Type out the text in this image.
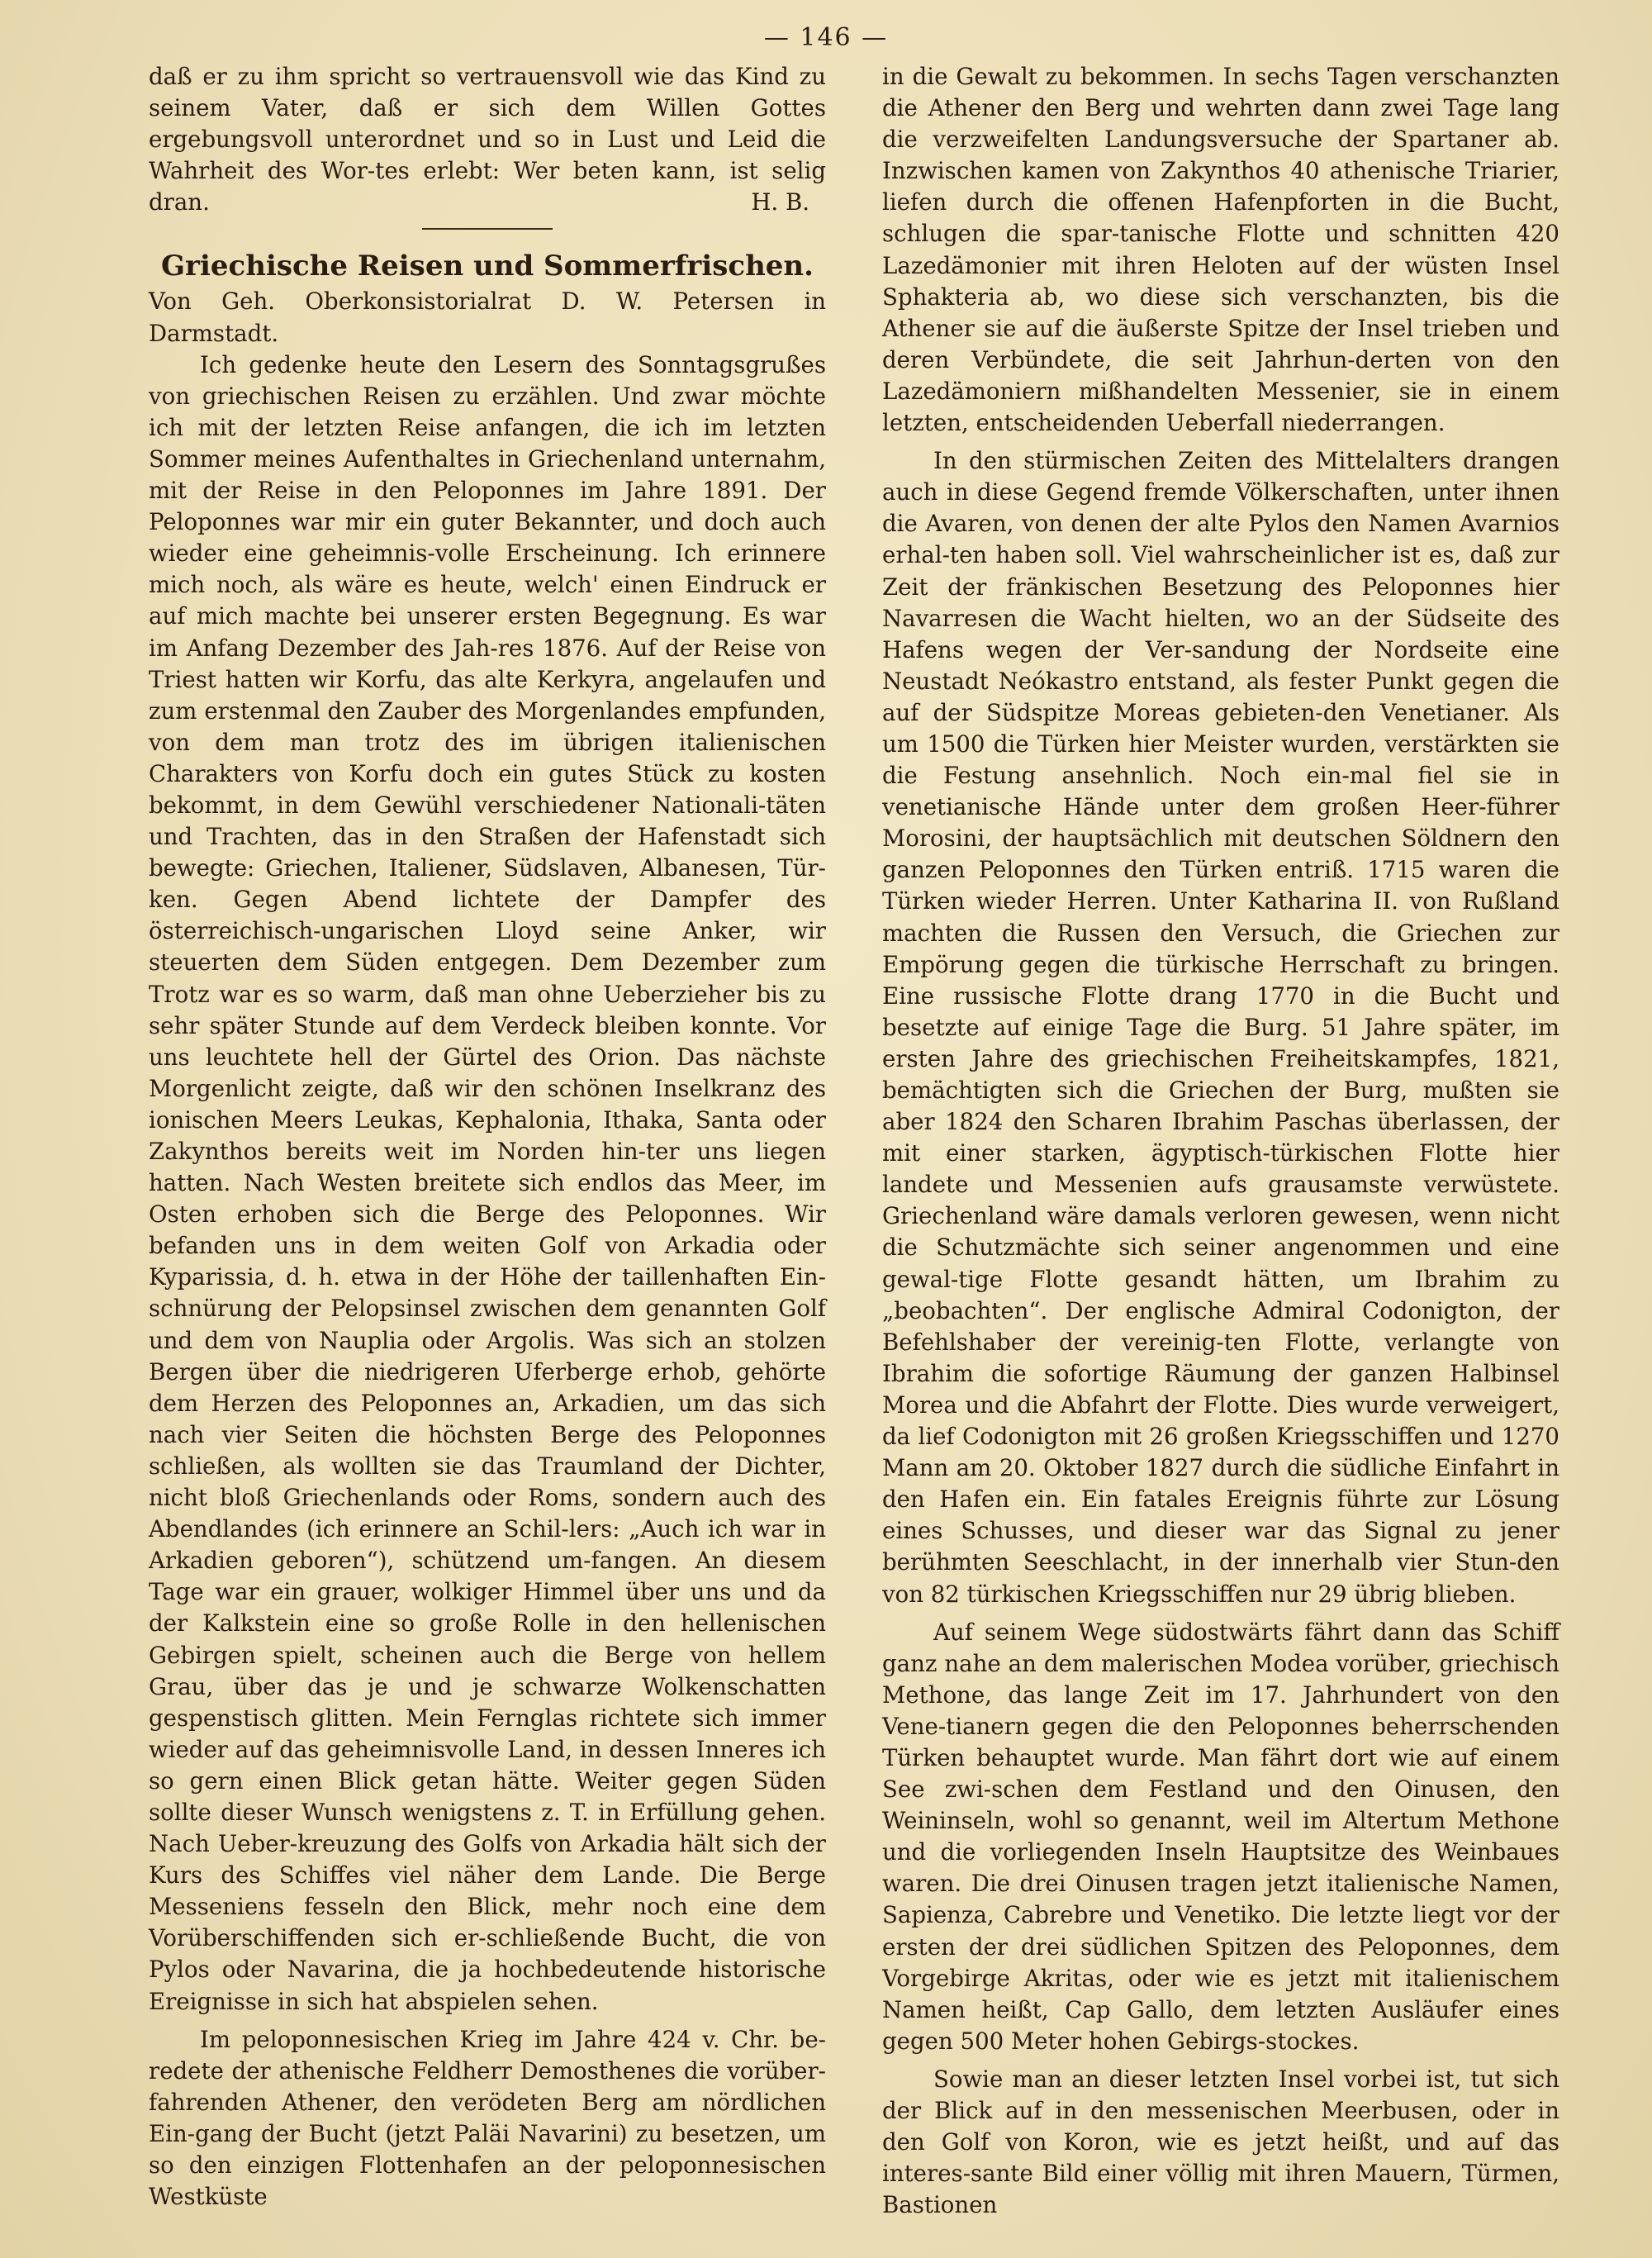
— 146 —

daß er zu ihm spricht so vertrauensvoll wie das Kind zu seinem Vater, daß er sich dem Willen Gottes ergebungsvoll unterordnet und so in Lust und Leid die Wahrheit des Wor-tes erlebt: Wer beten kann, ist selig dran.	H. B.

Griechische Reisen und Sommerfrischen.

Von Geh. Oberkonsistorialrat D. W. Petersen in Darmstadt.

Ich gedenke heute den Lesern des Sonntagsgrußes von griechischen Reisen zu erzählen. Und zwar möchte ich mit der letzten Reise anfangen, die ich im letzten Sommer meines Aufenthaltes in Griechenland unternahm, mit der Reise in den Peloponnes im Jahre 1891. Der Peloponnes war mir ein guter Bekannter, und doch auch wieder eine geheimnis-volle Erscheinung. Ich erinnere mich noch, als wäre es heute, welch' einen Eindruck er auf mich machte bei unserer ersten Begegnung. Es war im Anfang Dezember des Jah-res 1876. Auf der Reise von Triest hatten wir Korfu, das alte Kerkyra, angelaufen und zum erstenmal den Zauber des Morgenlandes empfunden, von dem man trotz des im übrigen italienischen Charakters von Korfu doch ein gutes Stück zu kosten bekommt, in dem Gewühl verschiedener Nationali-täten und Trachten, das in den Straßen der Hafenstadt sich bewegte: Griechen, Italiener, Südslaven, Albanesen, Tür-ken. Gegen Abend lichtete der Dampfer des österreichisch-ungarischen Lloyd seine Anker, wir steuerten dem Süden entgegen. Dem Dezember zum Trotz war es so warm, daß man ohne Ueberzieher bis zu sehr später Stunde auf dem Verdeck bleiben konnte. Vor uns leuchtete hell der Gürtel des Orion. Das nächste Morgenlicht zeigte, daß wir den schönen Inselkranz des ionischen Meers Leukas, Kephalonia, Ithaka, Santa oder Zakynthos bereits weit im Norden hin-ter uns liegen hatten. Nach Westen breitete sich endlos das Meer, im Osten erhoben sich die Berge des Peloponnes. Wir befanden uns in dem weiten Golf von Arkadia oder Kyparissia, d. h. etwa in der Höhe der taillenhaften Ein-schnürung der Pelopsinsel zwischen dem genannten Golf und dem von Nauplia oder Argolis. Was sich an stolzen Bergen über die niedrigeren Uferberge erhob, gehörte dem Herzen des Peloponnes an, Arkadien, um das sich nach vier Seiten die höchsten Berge des Peloponnes schließen, als wollten sie das Traumland der Dichter, nicht bloß Griechenlands oder Roms, sondern auch des Abendlandes (ich erinnere an Schil-lers: „Auch ich war in Arkadien geboren“), schützend um-fangen. An diesem Tage war ein grauer, wolkiger Himmel über uns und da der Kalkstein eine so große Rolle in den hellenischen Gebirgen spielt, scheinen auch die Berge von hellem Grau, über das je und je schwarze Wolkenschatten gespenstisch glitten. Mein Fernglas richtete sich immer wieder auf das geheimnisvolle Land, in dessen Inneres ich so gern einen Blick getan hätte. Weiter gegen Süden sollte dieser Wunsch wenigstens z. T. in Erfüllung gehen. Nach Ueber-kreuzung des Golfs von Arkadia hält sich der Kurs des Schiffes viel näher dem Lande. Die Berge Messeniens fesseln den Blick, mehr noch eine dem Vorüberschiffenden sich er-schließende Bucht, die von Pylos oder Navarina, die ja hochbedeutende historische Ereignisse in sich hat abspielen sehen.

Im peloponnesischen Krieg im Jahre 424 v. Chr. be-redete der athenische Feldherr Demosthenes die vorüber-fahrenden Athener, den verödeten Berg am nördlichen Ein-gang der Bucht (jetzt Paläi Navarini) zu besetzen, um so den einzigen Flottenhafen an der peloponnesischen Westküste

in die Gewalt zu bekommen. In sechs Tagen verschanzten die Athener den Berg und wehrten dann zwei Tage lang die verzweifelten Landungsversuche der Spartaner ab. Inzwischen kamen von Zakynthos 40 athenische Triarier, liefen durch die offenen Hafenpforten in die Bucht, schlugen die spar-tanische Flotte und schnitten 420 Lazedämonier mit ihren Heloten auf der wüsten Insel Sphakteria ab, wo diese sich verschanzten, bis die Athener sie auf die äußerste Spitze der Insel trieben und deren Verbündete, die seit Jahrhun-derten von den Lazedämoniern mißhandelten Messenier, sie in einem letzten, entscheidenden Ueberfall niederrangen.

In den stürmischen Zeiten des Mittelalters drangen auch in diese Gegend fremde Völkerschaften, unter ihnen die Avaren, von denen der alte Pylos den Namen Avarnios erhal-ten haben soll. Viel wahrscheinlicher ist es, daß zur Zeit der fränkischen Besetzung des Peloponnes hier Navarresen die Wacht hielten, wo an der Südseite des Hafens wegen der Ver-sandung der Nordseite eine Neustadt Neókastro entstand, als fester Punkt gegen die auf der Südspitze Moreas gebieten-den Venetianer. Als um 1500 die Türken hier Meister wurden, verstärkten sie die Festung ansehnlich. Noch ein-mal fiel sie in venetianische Hände unter dem großen Heer-führer Morosini, der hauptsächlich mit deutschen Söldnern den ganzen Peloponnes den Türken entriß. 1715 waren die Türken wieder Herren. Unter Katharina II. von Rußland machten die Russen den Versuch, die Griechen zur Empörung gegen die türkische Herrschaft zu bringen. Eine russische Flotte drang 1770 in die Bucht und besetzte auf einige Tage die Burg. 51 Jahre später, im ersten Jahre des griechischen Freiheitskampfes, 1821, bemächtigten sich die Griechen der Burg, mußten sie aber 1824 den Scharen Ibrahim Paschas überlassen, der mit einer starken, ägyptisch-türkischen Flotte hier landete und Messenien aufs grausamste verwüstete. Griechenland wäre damals verloren gewesen, wenn nicht die Schutzmächte sich seiner angenommen und eine gewal-tige Flotte gesandt hätten, um Ibrahim zu „beobachten“. Der englische Admiral Codonigton, der Befehlshaber der vereinig-ten Flotte, verlangte von Ibrahim die sofortige Räumung der ganzen Halbinsel Morea und die Abfahrt der Flotte. Dies wurde verweigert, da lief Codonigton mit 26 großen Kriegsschiffen und 1270 Mann am 20. Oktober 1827 durch die südliche Einfahrt in den Hafen ein. Ein fatales Ereignis führte zur Lösung eines Schusses, und dieser war das Signal zu jener berühmten Seeschlacht, in der innerhalb vier Stun-den von 82 türkischen Kriegsschiffen nur 29 übrig blieben.

Auf seinem Wege südostwärts fährt dann das Schiff ganz nahe an dem malerischen Modea vorüber, griechisch Methone, das lange Zeit im 17. Jahrhundert von den Vene-tianern gegen die den Peloponnes beherrschenden Türken behauptet wurde. Man fährt dort wie auf einem See zwi-schen dem Festland und den Oinusen, den Weininseln, wohl so genannt, weil im Altertum Methone und die vorliegenden Inseln Hauptsitze des Weinbaues waren. Die drei Oinusen tragen jetzt italienische Namen, Sapienza, Cabrebre und Venetiko. Die letzte liegt vor der ersten der drei südlichen Spitzen des Peloponnes, dem Vorgebirge Akritas, oder wie es jetzt mit italienischem Namen heißt, Cap Gallo, dem letzten Ausläufer eines gegen 500 Meter hohen Gebirgs-stockes.

Sowie man an dieser letzten Insel vorbei ist, tut sich der Blick auf in den messenischen Meerbusen, oder in den Golf von Koron, wie es jetzt heißt, und auf das interes-sante Bild einer völlig mit ihren Mauern, Türmen, Bastionen
